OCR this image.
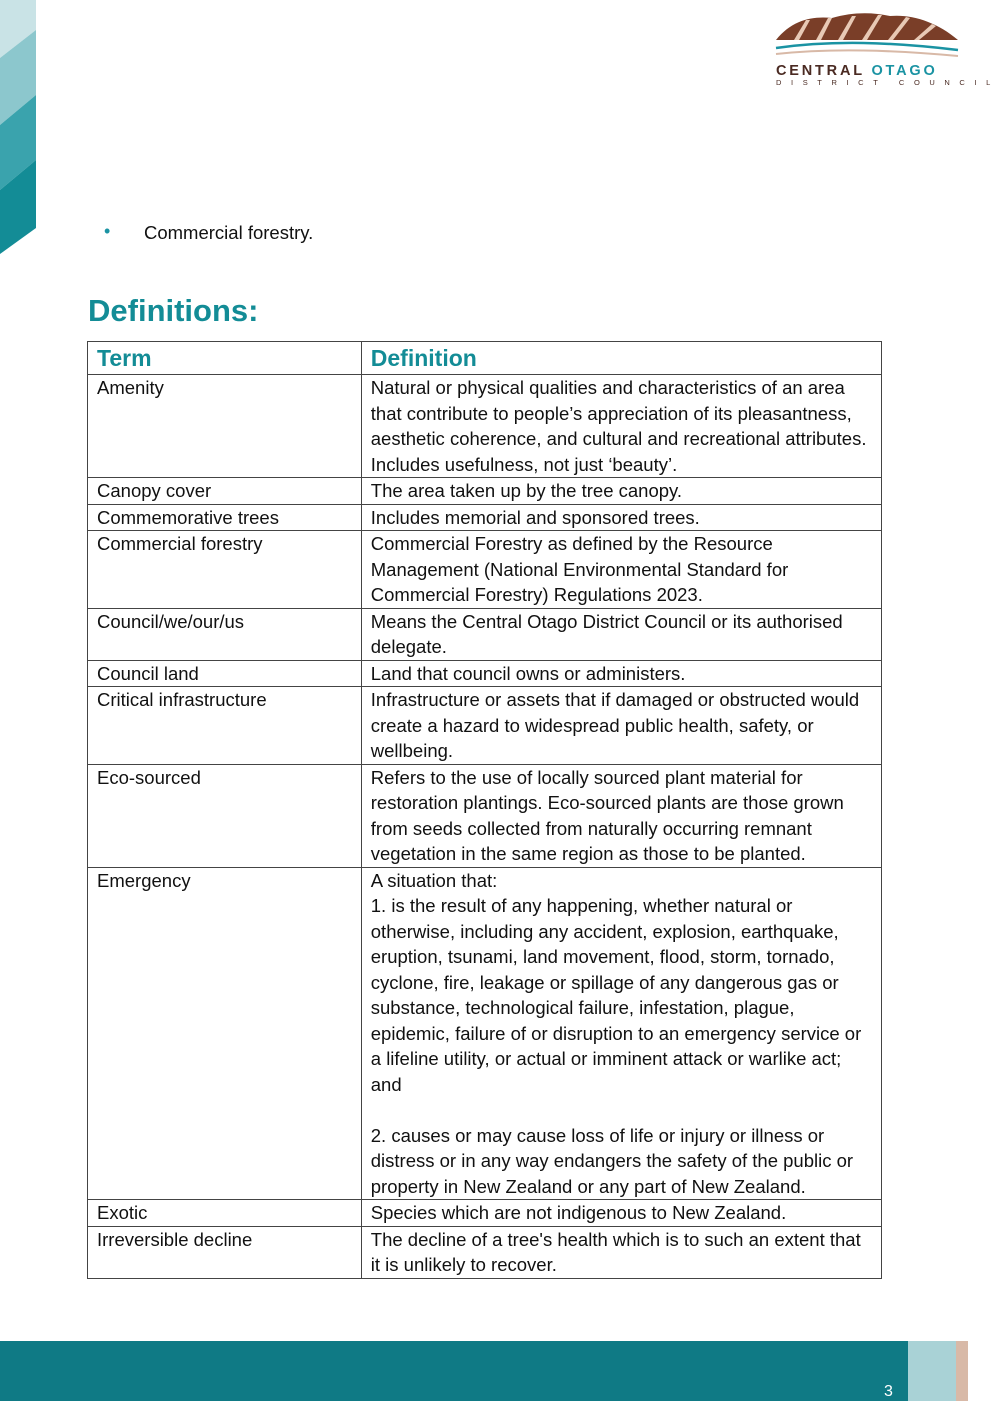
CENTRAL OTAGO
DISTRICT COUNCIL
• Commercial forestry.
Definitions:
Term	Definition
Amenity	Natural or physical qualities and characteristics of an area that contribute to people’s appreciation of its pleasantness, aesthetic coherence, and cultural and recreational attributes. Includes usefulness, not just ‘beauty’.
Canopy cover	The area taken up by the tree canopy.
Commemorative trees	Includes memorial and sponsored trees.
Commercial forestry	Commercial Forestry as defined by the Resource Management (National Environmental Standard for Commercial Forestry) Regulations 2023.
Council/we/our/us	Means the Central Otago District Council or its authorised delegate.
Council land	Land that council owns or administers.
Critical infrastructure	Infrastructure or assets that if damaged or obstructed would create a hazard to widespread public health, safety, or wellbeing.
Eco-sourced	Refers to the use of locally sourced plant material for restoration plantings. Eco-sourced plants are those grown from seeds collected from naturally occurring remnant vegetation in the same region as those to be planted.
Emergency	A situation that:
1. is the result of any happening, whether natural or otherwise, including any accident, explosion, earthquake, eruption, tsunami, land movement, flood, storm, tornado, cyclone, fire, leakage or spillage of any dangerous gas or substance, technological failure, infestation, plague, epidemic, failure of or disruption to an emergency service or a lifeline utility, or actual or imminent attack or warlike act; and

2. causes or may cause loss of life or injury or illness or distress or in any way endangers the safety of the public or property in New Zealand or any part of New Zealand.
Exotic	Species which are not indigenous to New Zealand.
Irreversible decline	The decline of a tree's health which is to such an extent that it is unlikely to recover.
3
